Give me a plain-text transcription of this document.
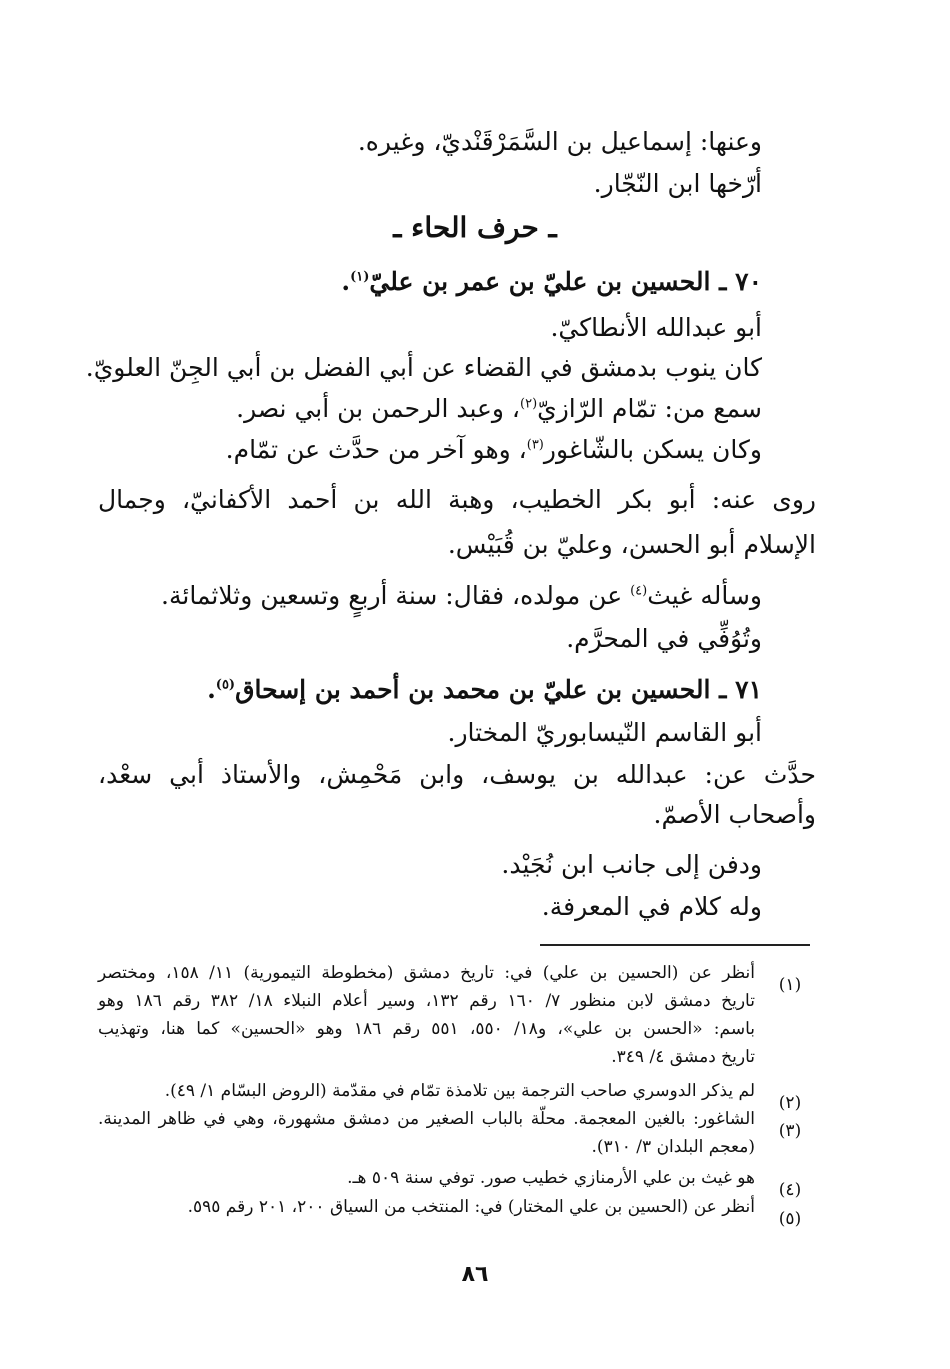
وعنها: إسماعيل بن السَّمَرْقَنْديّ، وغيره.
أرّخها ابن النّجّار.
ـ حرف الحاء ـ
٧٠ ـ الحسين بن عليّ بن عمر بن عليّ$^{(١)}$.
أبو عبدالله الأنطاكيّ.
كان ينوب بدمشق في القضاء عن أبي الفضل بن أبي الجِنّ العلويّ.
سمع من: تمّام الرّازيّ$^{(٢)}$، وعبد الرحمن بن أبي نصر.
وكان يسكن بالشّاغور$^{(٣)}$، وهو آخر من حدَّث عن تمّام.
روى عنه: أبو بكر الخطيب، وهبة الله بن أحمد الأكفانيّ، وجمال
الإسلام أبو الحسن، وعليّ بن قُبَيْس.
وسأله غيث$^{(٤)}$ عن مولده، فقال: سنة أربعٍ وتسعين وثلاثمائة.
وتُوُفِّي في المحرَّم.
٧١ ـ الحسين بن عليّ بن محمد بن أحمد بن إسحاق$^{(٥)}$.
أبو القاسم النّيسابوريّ المختار.
حدَّث عن: عبدالله بن يوسف، وابن مَحْمِش، والأستاذ أبي سعْد،
وأصحاب الأصمّ.
ودفن إلى جانب ابن نُجَيْد.
وله كلام في المعرفة.
(١)
أنظر عن (الحسين بن علي) في: تاريخ دمشق (مخطوطة التيمورية) ١١/ ١٥٨، ومختصر
تاريخ دمشق لابن منظور ٧/ ١٦٠ رقم ١٣٢، وسير أعلام النبلاء ١٨/ ٣٨٢ رقم ١٨٦ وهو
باسم: «الحسن بن علي»، و١٨/ ٥٥٠، ٥٥١ رقم ١٨٦ وهو «الحسين» كما هنا، وتهذيب
تاريخ دمشق ٤/ ٣٤٩.
(٢)
لم يذكر الدوسري صاحب الترجمة بين تلامذة تمّام في مقدّمة (الروض البسّام ١/ ٤٩).
(٣)
الشاغور: بالغين المعجمة. محلّة بالباب الصغير من دمشق مشهورة، وهي في ظاهر المدينة.
(معجم البلدان ٣/ ٣١٠).
(٤)
هو غيث بن علي الأرمنازي خطيب صور. توفي سنة ٥٠٩ هـ.
(٥)
أنظر عن (الحسين بن علي المختار) في: المنتخب من السياق ٢٠٠، ٢٠١ رقم ٥٩٥.
٨٦
